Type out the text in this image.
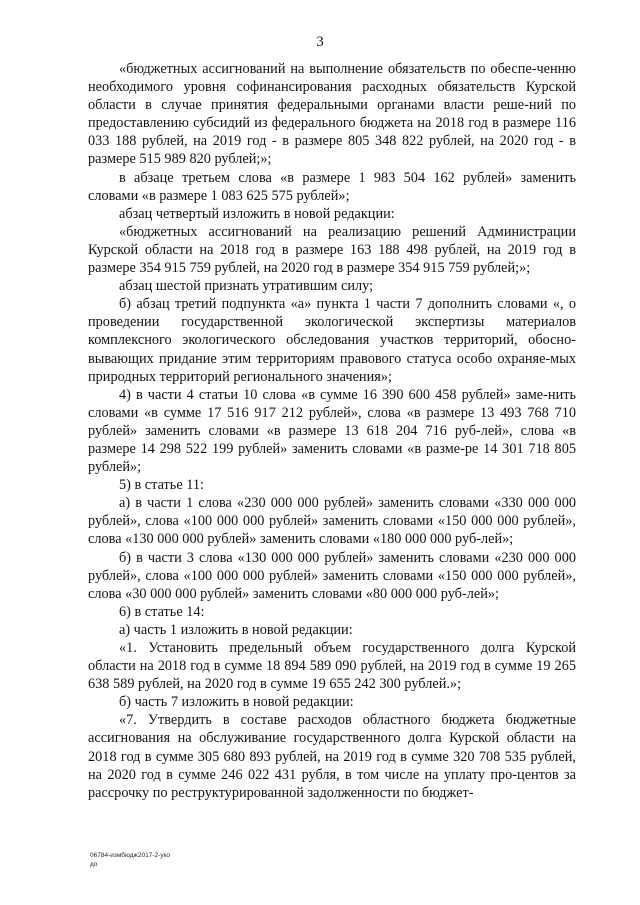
3

«бюджетных ассигнований на выполнение обязательств по обеспе-ченню необходимого уровня софинансирования расходных обязательств Курской области в случае принятия федеральными органами власти реше-ний по предоставлению субсидий из федерального бюджета на 2018 год в размере 116 033 188 рублей, на 2019 год - в размере 805 348 822 рублей, на 2020 год - в размере 515 989 820 рублей;»;

в абзаце третьем слова «в размере 1 983 504 162 рублей» заменить словами «в размере 1 083 625 575 рублей»;

абзац четвертый изложить в новой редакции:

«бюджетных ассигнований на реализацию решений Администрации Курской области на 2018 год в размере 163 188 498 рублей, на 2019 год в размере 354 915 759 рублей, на 2020 год в размере 354 915 759 рублей;»;

абзац шестой признать утратившим силу;

б) абзац третий подпункта «а» пункта 1 части 7 дополнить словами «, о проведении государственной экологической экспертизы материалов комплексного экологического обследования участков территорий, обосно-вывающих придание этим территориям правового статуса особо охраняе-мых природных территорий регионального значения»;

4) в части 4 статьи 10 слова «в сумме 16 390 600 458 рублей» заме-нить словами «в сумме 17 516 917 212 рублей», слова «в размере 13 493 768 710 рублей» заменить словами «в размере 13 618 204 716 руб-лей», слова «в размере 14 298 522 199 рублей» заменить словами «в разме-ре 14 301 718 805 рублей»;

5) в статье 11:

а) в части 1 слова «230 000 000 рублей» заменить словами «330 000 000 рублей», слова «100 000 000 рублей» заменить словами «150 000 000 рублей», слова «130 000 000 рублей» заменить словами «180 000 000 руб-лей»;

б) в части 3 слова «130 000 000 рублей» заменить словами «230 000 000 рублей», слова «100 000 000 рублей» заменить словами «150 000 000 рублей», слова «30 000 000 рублей» заменить словами «80 000 000 руб-лей»;

6) в статье 14:

а) часть 1 изложить в новой редакции:

«1. Установить предельный объем государственного долга Курской области на 2018 год в сумме 18 894 589 090 рублей, на 2019 год в сумме 19 265 638 589 рублей, на 2020 год в сумме 19 655 242 300 рублей.»;

б) часть 7 изложить в новой редакции:

«7. Утвердить в составе расходов областного бюджета бюджетные ассигнования на обслуживание государственного долга Курской области на 2018 год в сумме 305 680 893 рублей, на 2019 год в сумме 320 708 535 рублей, на 2020 год в сумме 246 022 431 рубля, в том числе на уплату про-центов за рассрочку по реструктурированной задолженности по бюджет-

06784-измбюдж2017-2-уко
до
